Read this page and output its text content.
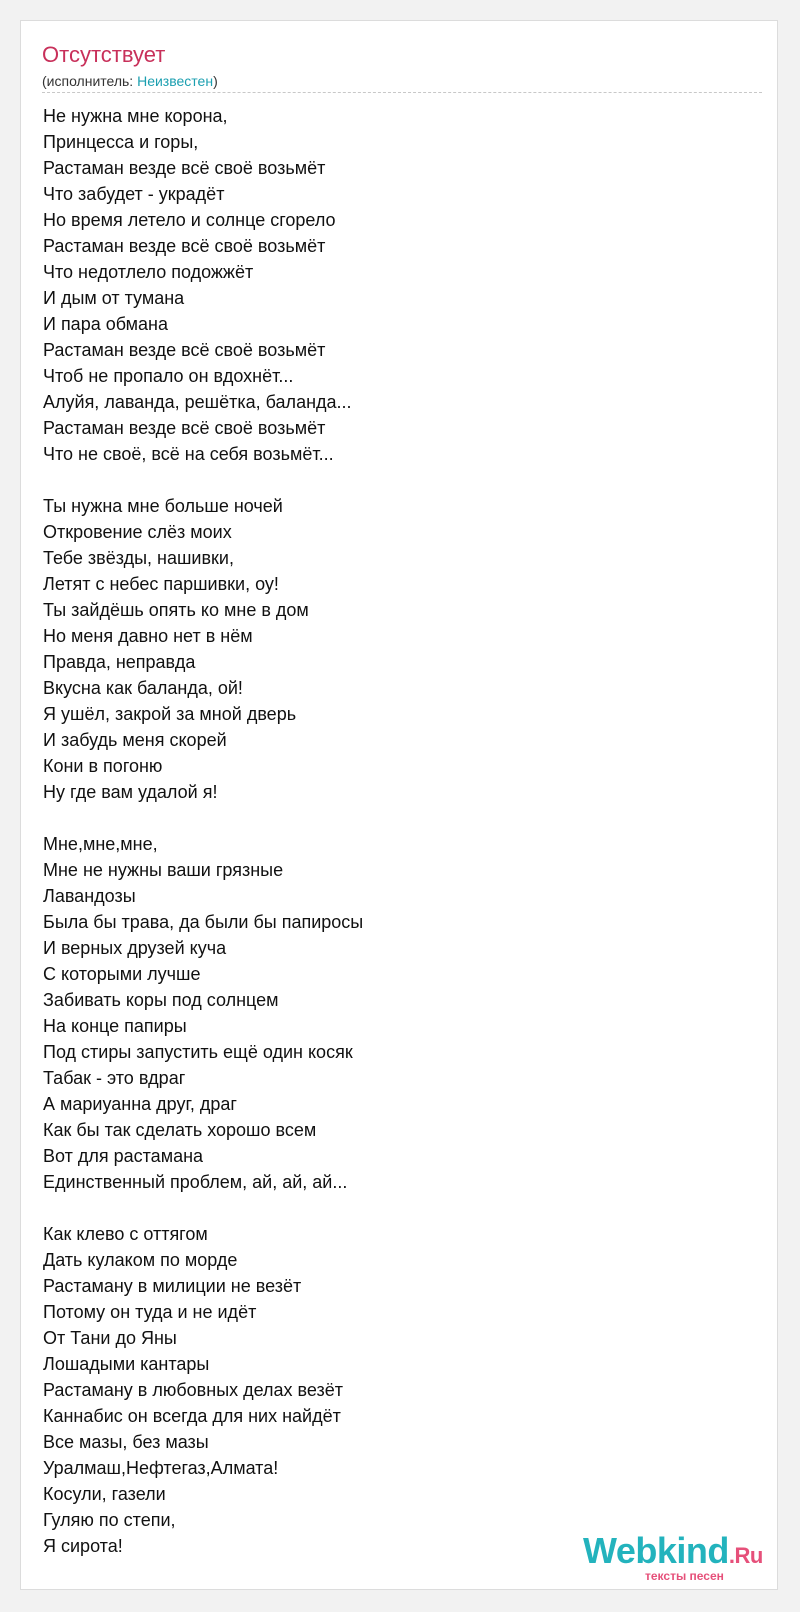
Отсутствует
(исполнитель: Неизвестен)
Не нужна мне корона,
Принцесса и горы,
Растаман везде всё своё возьмёт
Что забудет - украдёт
Но время летело и солнце сгорело
Растаман везде всё своё возьмёт
Что недотлело подожжёт
И дым от тумана
И пара обмана
Растаман везде всё своё возьмёт
Чтоб не пропало он вдохнёт...
Алуйя, лаванда, решётка, баланда...
Растаман везде всё своё возьмёт
Что не своё, всё на себя возьмёт...
Ты нужна мне больше ночей
Откровение слёз моих
Тебе звёзды, нашивки,
Летят с небес паршивки, оу!
Ты зайдёшь опять ко мне в дом
Но меня давно нет в нём
Правда, неправда
Вкусна как баланда, ой!
Я ушёл, закрой за мной дверь
И забудь меня скорей
Кони в погоню
Ну где вам удалой я!
Мне,мне,мне,
Мне не нужны ваши грязные
Лавандозы
Была бы трава, да были бы папиросы
И верных друзей куча
С которыми лучше
Забивать коры под солнцем
На конце папиры
Под стиры запустить ещё один косяк
Табак - это вдраг
А мариуанна друг, драг
Как бы так сделать хорошо всем
Вот для растамана
Единственный проблем, ай, ай, ай...
Как клево с оттягом
Дать кулаком по морде
Растаману в милиции не везёт
Потому он туда и не идёт
От Тани до Яны
Лошадыми кантары
Растаману в любовных делах везёт
Каннабис он всегда для них найдёт
Все мазы, без мазы
Уралмаш,Нефтегаз,Алмата!
Косули, газели
Гуляю по степи,
Я сирота!	Webkind.Ru
тексты песен
